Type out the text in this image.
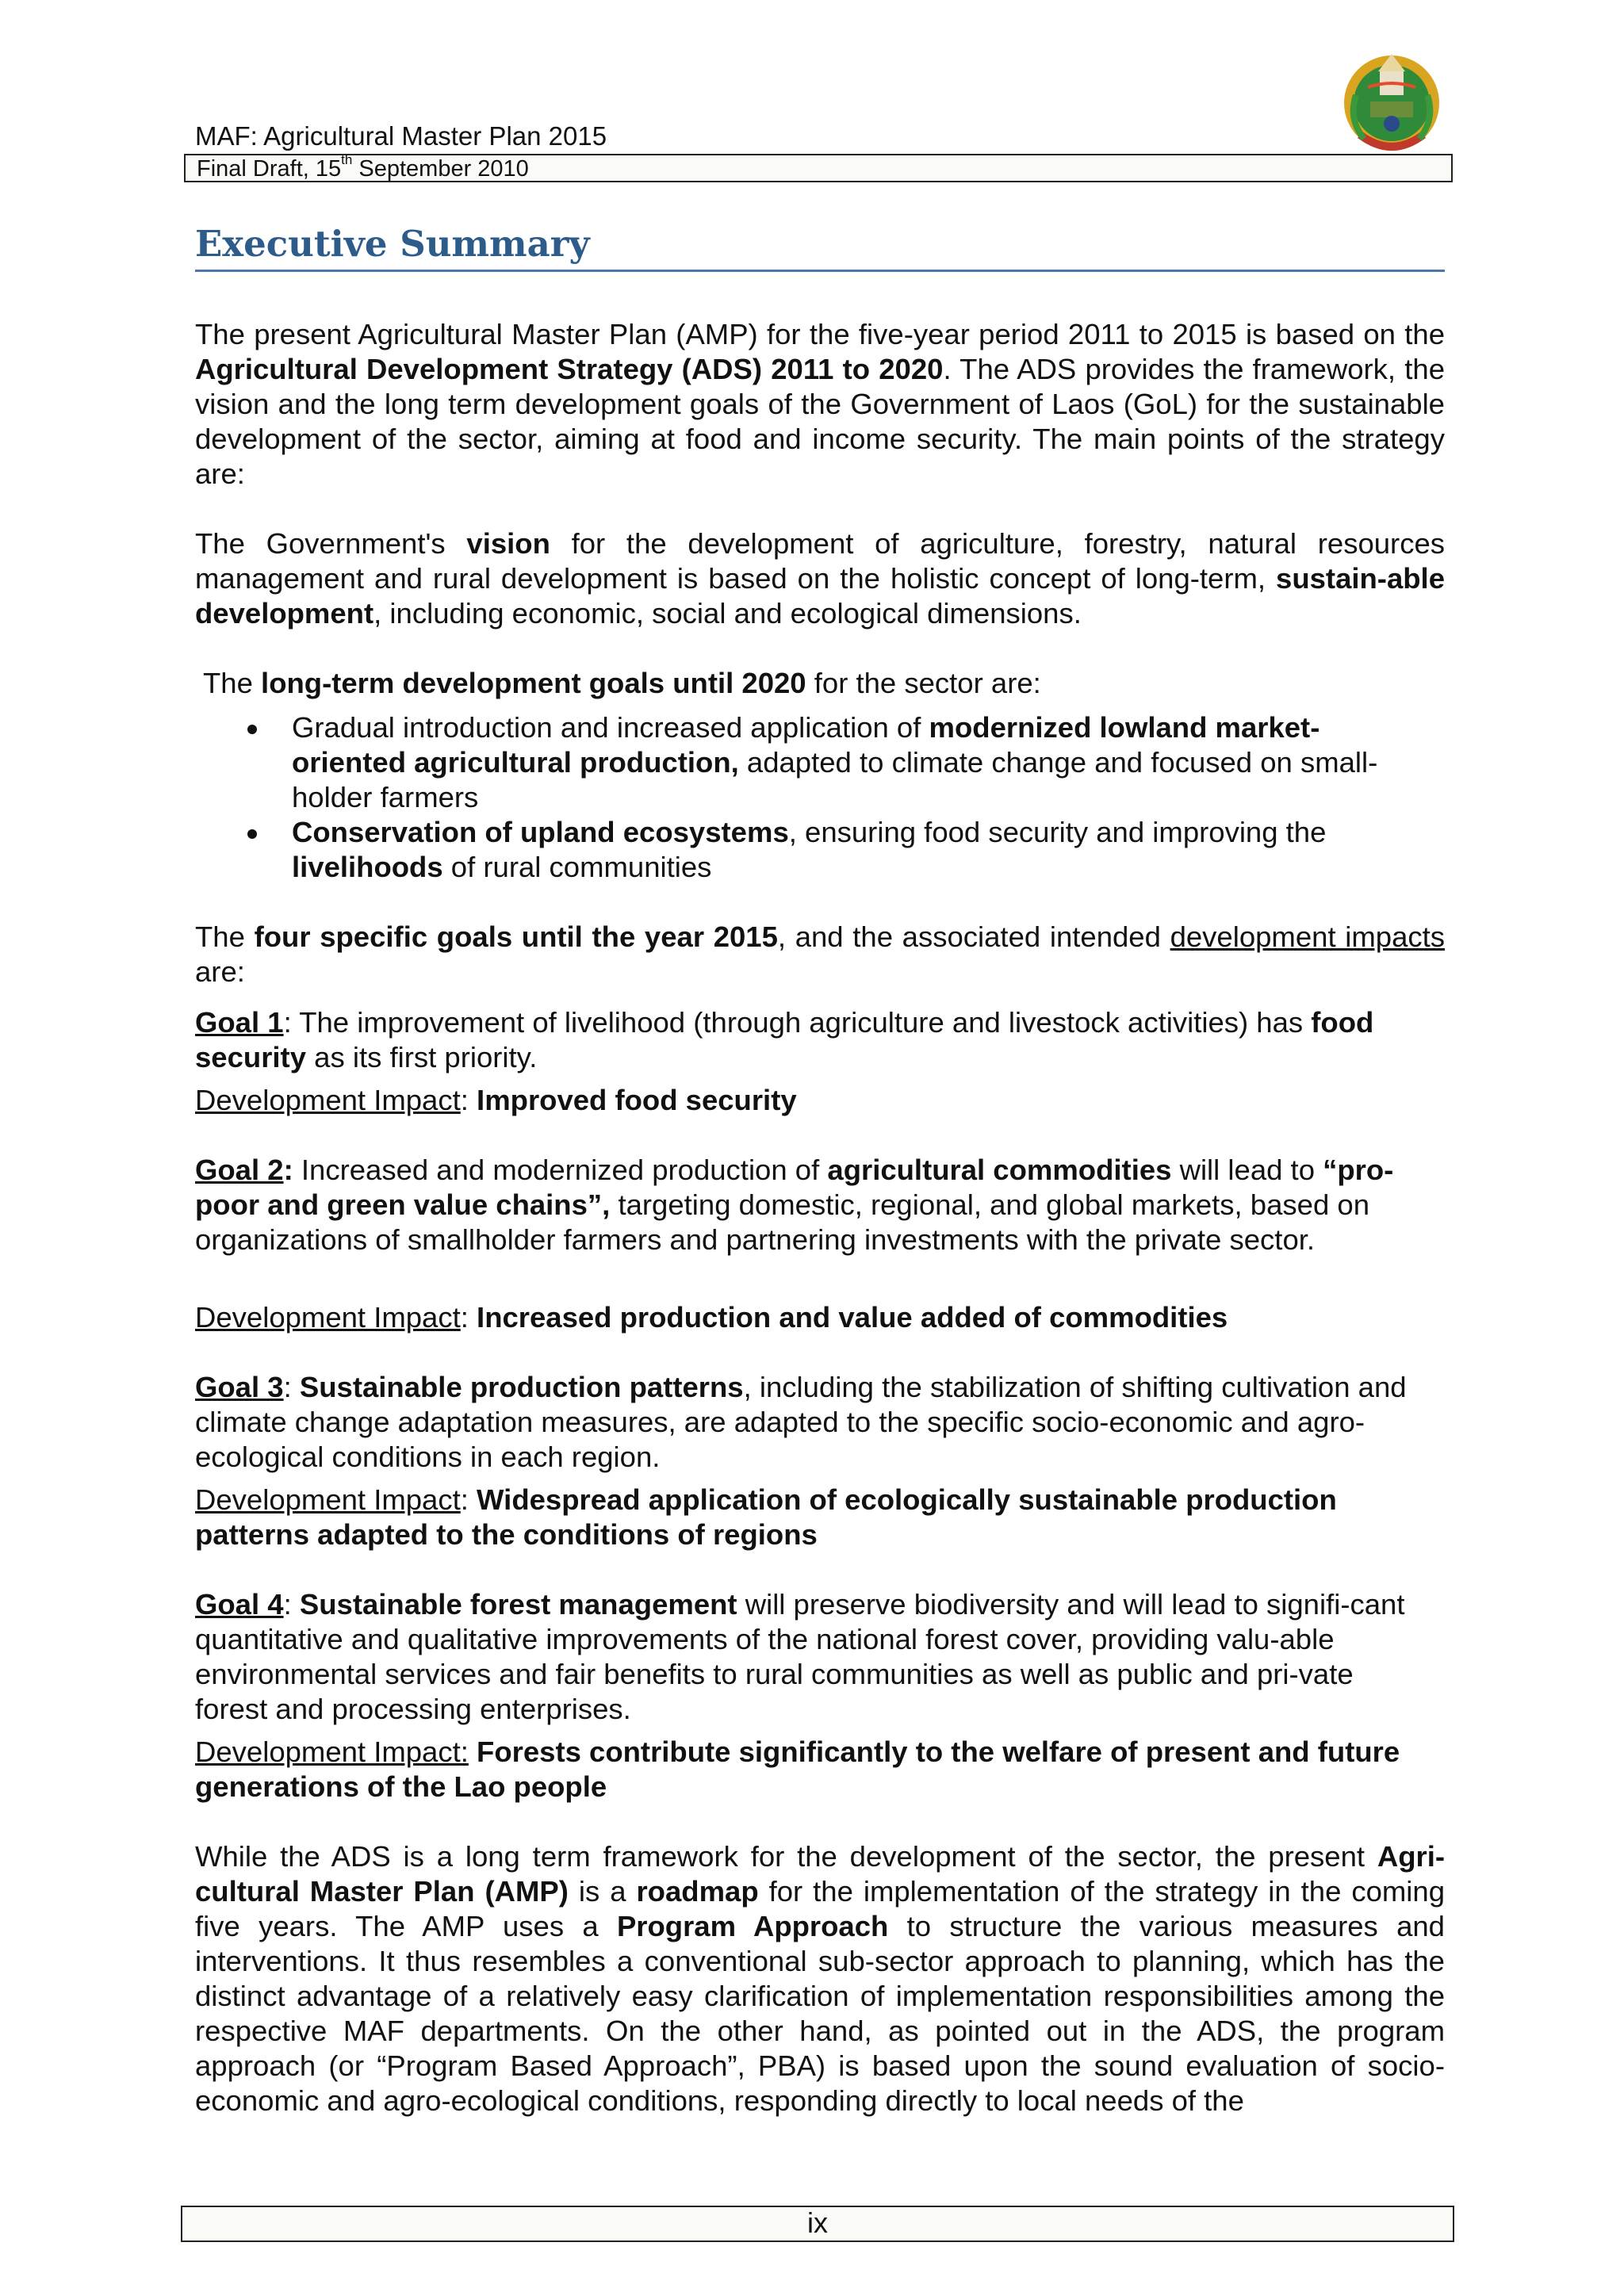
MAF: Agricultural Master Plan 2015
Final Draft, 15th September 2010
Executive Summary
The present Agricultural Master Plan (AMP) for the five-year period 2011 to 2015 is based on the Agricultural Development Strategy (ADS) 2011 to 2020. The ADS provides the framework, the vision and the long term development goals of the Government of Laos (GoL) for the sustainable development of the sector, aiming at food and income security. The main points of the strategy are:
The Government's vision for the development of agriculture, forestry, natural resources management and rural development is based on the holistic concept of long-term, sustain-able development, including economic, social and ecological dimensions.
The long-term development goals until 2020 for the sector are:
Gradual introduction and increased application of modernized lowland market-oriented agricultural production, adapted to climate change and focused on small-holder farmers
Conservation of upland ecosystems, ensuring food security and improving the livelihoods of rural communities
The four specific goals until the year 2015, and the associated intended development impacts are:
Goal 1: The improvement of livelihood (through agriculture and livestock activities) has food security as its first priority.
Development Impact: Improved food security
Goal 2: Increased and modernized production of agricultural commodities will lead to “pro-poor and green value chains”, targeting domestic, regional, and global markets, based on organizations of smallholder farmers and partnering investments with the private sector.
Development Impact: Increased production and value added of commodities
Goal 3: Sustainable production patterns, including the stabilization of shifting cultivation and climate change adaptation measures, are adapted to the specific socio-economic and agro-ecological conditions in each region.
Development Impact: Widespread application of ecologically sustainable production patterns adapted to the conditions of regions
Goal 4: Sustainable forest management will preserve biodiversity and will lead to signifi-cant quantitative and qualitative improvements of the national forest cover, providing valu-able environmental services and fair benefits to rural communities as well as public and pri-vate forest and processing enterprises.
Development Impact: Forests contribute significantly to the welfare of present and future generations of the Lao people
While the ADS is a long term framework for the development of the sector, the present Agri-cultural Master Plan (AMP) is a roadmap for the implementation of the strategy in the coming five years. The AMP uses a Program Approach to structure the various measures and interventions. It thus resembles a conventional sub-sector approach to planning, which has the distinct advantage of a relatively easy clarification of implementation responsibilities among the respective MAF departments. On the other hand, as pointed out in the ADS, the program approach (or “Program Based Approach”, PBA) is based upon the sound evaluation of socio-economic and agro-ecological conditions, responding directly to local needs of the
ix
